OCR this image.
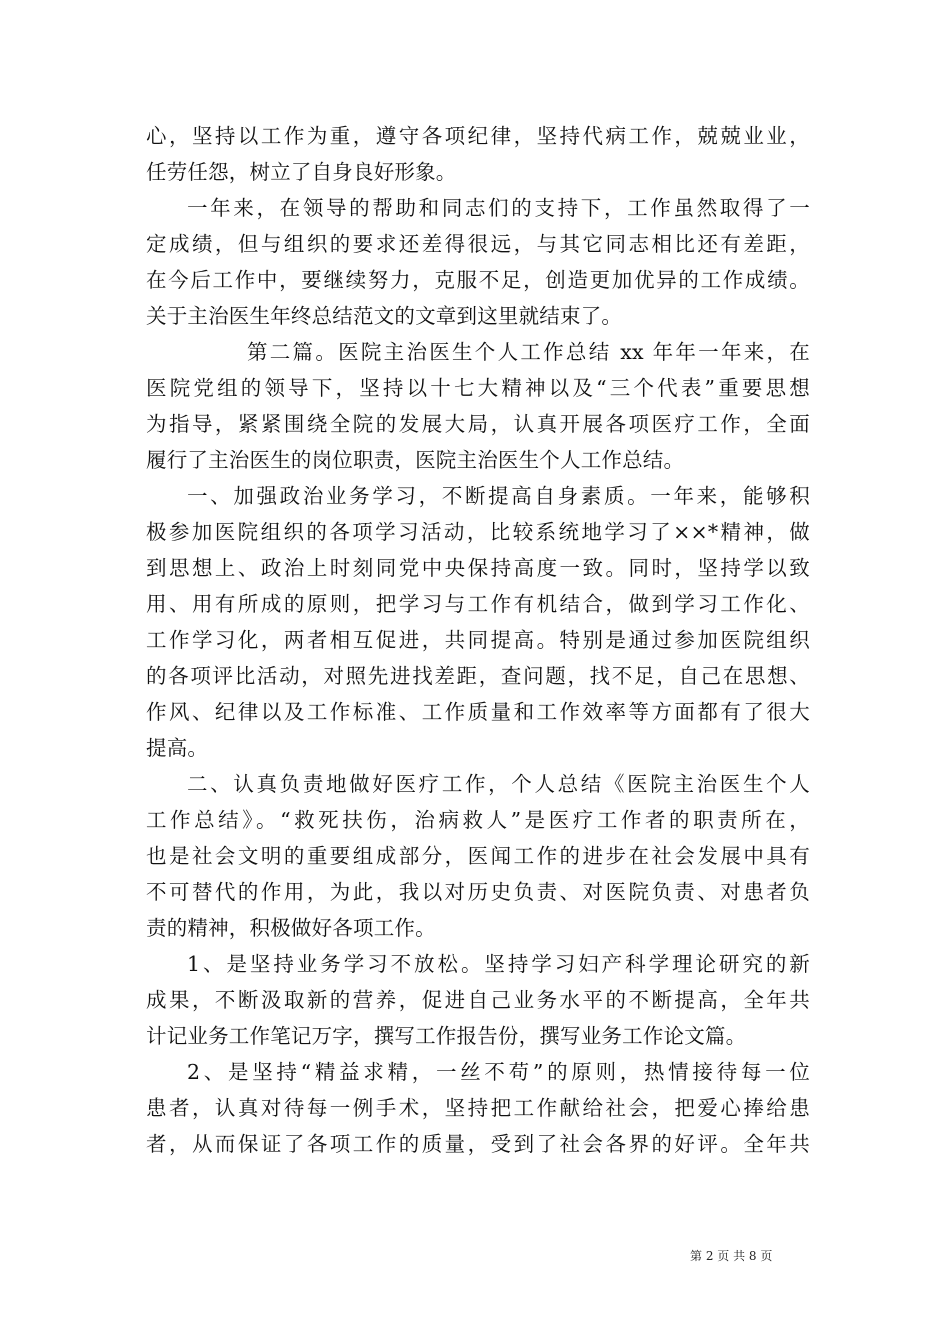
心，坚持以工作为重，遵守各项纪律，坚持代病工作，兢兢业业，
任劳任怨，树立了自身良好形象。
一年来，在领导的帮助和同志们的支持下，工作虽然取得了一
定成绩，但与组织的要求还差得很远，与其它同志相比还有差距，
在今后工作中，要继续努力，克服不足，创造更加优异的工作成绩。
关于主治医生年终总结范文的文章到这里就结束了。
第二篇。医院主治医生个人工作总结 xx 年年一年来，在
医院党组的领导下，坚持以十七大精神以及“三个代表”重要思想
为指导，紧紧围绕全院的发展大局，认真开展各项医疗工作，全面
履行了主治医生的岗位职责，医院主治医生个人工作总结。
一、加强政治业务学习，不断提高自身素质。一年来，能够积
极参加医院组织的各项学习活动，比较系统地学习了××*精神，做
到思想上、政治上时刻同党中央保持高度一致。同时，坚持学以致
用、用有所成的原则，把学习与工作有机结合，做到学习工作化、
工作学习化，两者相互促进，共同提高。特别是通过参加医院组织
的各项评比活动，对照先进找差距，查问题，找不足，自己在思想、
作风、纪律以及工作标准、工作质量和工作效率等方面都有了很大
提高。
二、认真负责地做好医疗工作，个人总结《医院主治医生个人
工作总结》。“救死扶伤，治病救人”是医疗工作者的职责所在，
也是社会文明的重要组成部分，医闻工作的进步在社会发展中具有
不可替代的作用，为此，我以对历史负责、对医院负责、对患者负
责的精神，积极做好各项工作。
1、是坚持业务学习不放松。坚持学习妇产科学理论研究的新
成果，不断汲取新的营养，促进自己业务水平的不断提高，全年共
计记业务工作笔记万字，撰写工作报告份，撰写业务工作论文篇。
2、是坚持“精益求精，一丝不苟”的原则，热情接待每一位
患者，认真对待每一例手术，坚持把工作献给社会，把爱心捧给患
者，从而保证了各项工作的质量，受到了社会各界的好评。全年共
第 2 页 共 8 页
